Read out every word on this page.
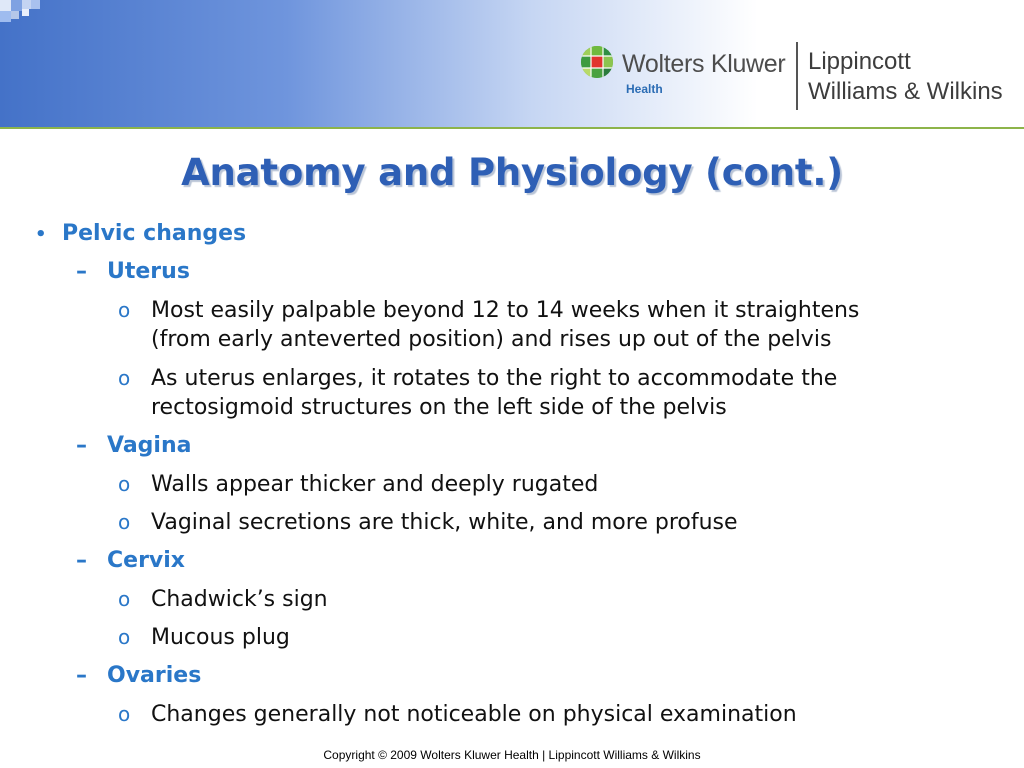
Wolters Kluwer
Health
Lippincott
Williams & Wilkins
Anatomy and Physiology (cont.)
• Pelvic changes
– Uterus
o Most easily palpable beyond 12 to 14 weeks when it straightens
(from early anteverted position) and rises up out of the pelvis
o As uterus enlarges, it rotates to the right to accommodate the
rectosigmoid structures on the left side of the pelvis
– Vagina
o Walls appear thicker and deeply rugated
o Vaginal secretions are thick, white, and more profuse
– Cervix
o Chadwick’s sign
o Mucous plug
– Ovaries
o Changes generally not noticeable on physical examination
Copyright © 2009 Wolters Kluwer Health | Lippincott Williams & Wilkins
